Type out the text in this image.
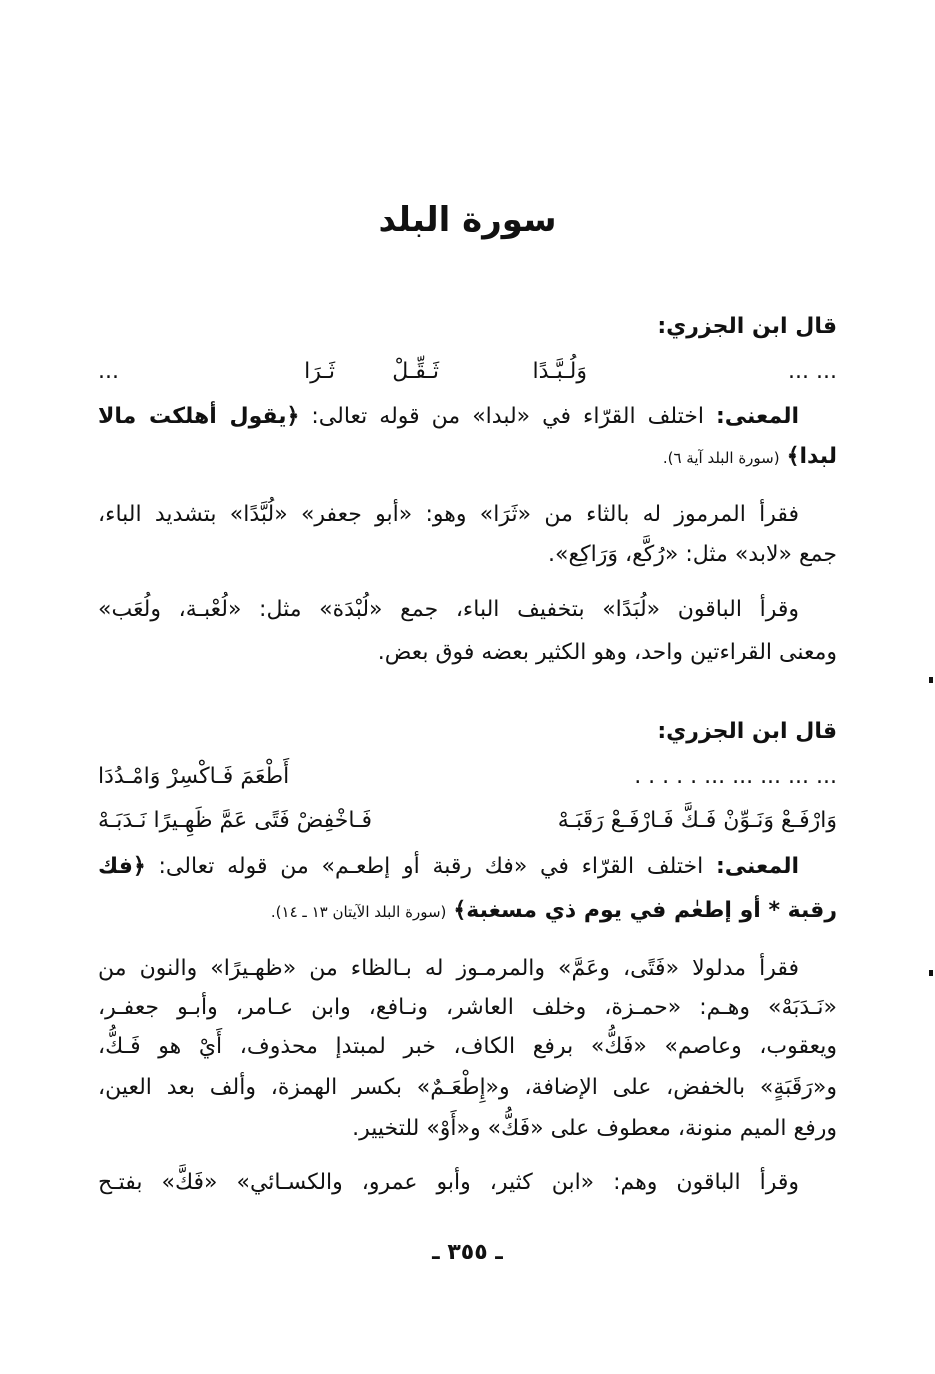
سورة البلد
قال ابن الجزري:
... ...
وَلُـبَّـدًا
ثَـقِّـلْ
ثَـرَا
...
المعنى: اختلف القرّاء في «لبدا» من قوله تعالى: ﴿يقول أهلكت مالا
لبدا﴾ (سورة البلد آية ٦).
فقرأ المرموز له بالثاء من «ثَرَا» وهو: «أبو جعفر» «لُبَّدًا» بتشديد الباء،
جمع «لابد» مثل: «رُكَّع، وَرَاكِع».
وقرأ الباقون «لُبَدًا» بتخفيف الباء، جمع «لُبْدَة» مثل: «لُعْبـة، ولُعَب»
ومعنى القراءتين واحد، وهو الكثير بعضه فوق بعض.
قال ابن الجزري:
... ... ... ... ... . . . . .
أَطْعَمَ فَـاكْسِرْ وَامْـدُدَا
وَارْفَـعْ وَنَـوِّنْ فَـكَّ فَـارْفَـعْ رَقَبَـهْ
فَـاخْفِضْ فَتًى عَمَّ ظَهِـيرًا نَـدَبَـهْ
المعنى: اختلف القرّاء في «فك رقبة أو إطعـم» من قوله تعالى: ﴿فك
رقبة * أو إطعٰم في يوم ذي مسغبة﴾ (سورة البلد الآيتان ١٣ ـ ١٤).
فقرأ مدلولا «فَتًى، وعَمَّ» والمرمـوز له بـالظاء من «ظهـيرًا» والنون من
«نَـدَبَهْ» وهـم: «حمـزة، وخلف العاشر، ونـافع، وابن عـامر، وأبـو جعفـر،
ويعقوب، وعاصم» «فَكُّ» برفع الكاف، خبر لمبتدإ محذوف، أَيْ هو فَـكُّ،
و«رَقَبَةٍ» بالخفض، على الإضافة، و«إِطْعَـمٌ» بكسر الهمزة، وألف بعد العين،
ورفع الميم منونة، معطوف على «فَكُّ» و«أَوْ» للتخيير.
وقرأ الباقون وهم: «ابن كثير، وأبو عمرو، والكسـائي» «فَكَّ» بفتـح
ـ ٣٥٥ ـ
